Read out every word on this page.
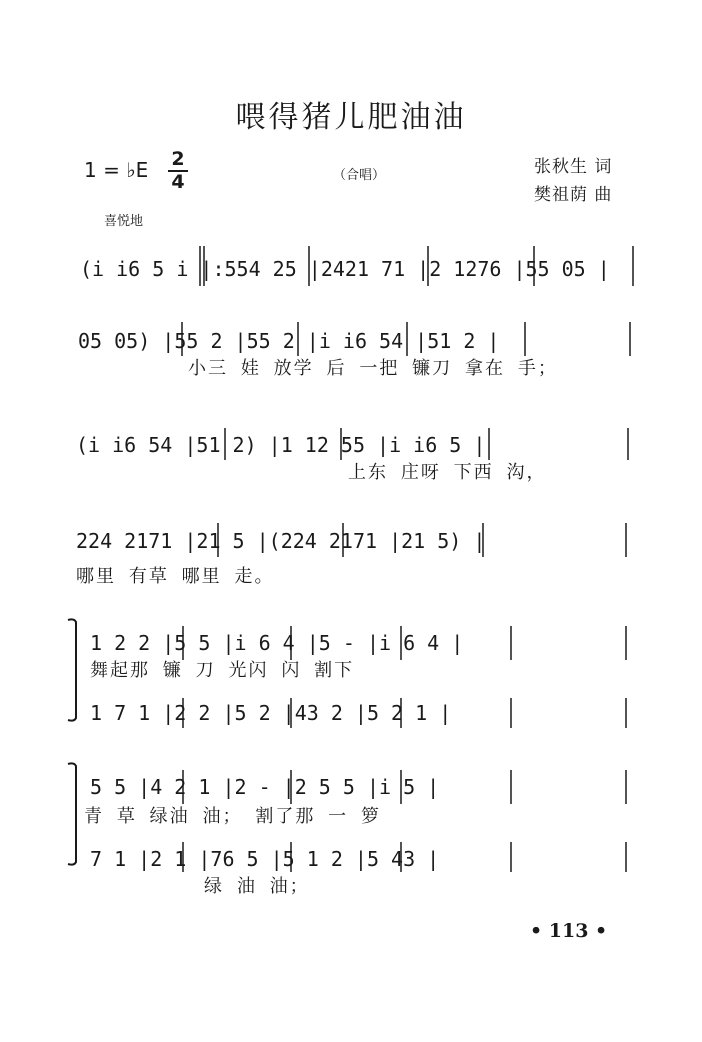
喂得猪儿肥油油
1 = ♭E 2
4	（合唱）	张秋生 词
樊祖荫 曲
喜悦地
(i i6 5 i |:554 25 |2421 71 |2 1276 |55 05 |
05 05) |55 2 |55 2 |i i6 54 |51 2 |
小三 娃 放学 后 一把 镰刀 拿在 手；
(i i6 54 |51 2) |1 12 55 |i i6 5 |
上东 庄呀 下西 沟，
224 2171 |21 5 |(224 2171 |21 5) |
哪里 有草 哪里 走。
1 2 2 |5 5 |i 6 4 |5 - |i 6 4 |
舞起那 镰 刀 光闪 闪 割下
1 7 1 |2 2 |5 2 |43 2 |5 2 1 |
5 5 |4 2 1 |2 - |2 5 5 |i 5 |
青 草 绿油 油； 割了那 一 箩
7 1 |2 1 |76 5 |5 1 2 |5 43 |
绿 油 油；
• 113 •
